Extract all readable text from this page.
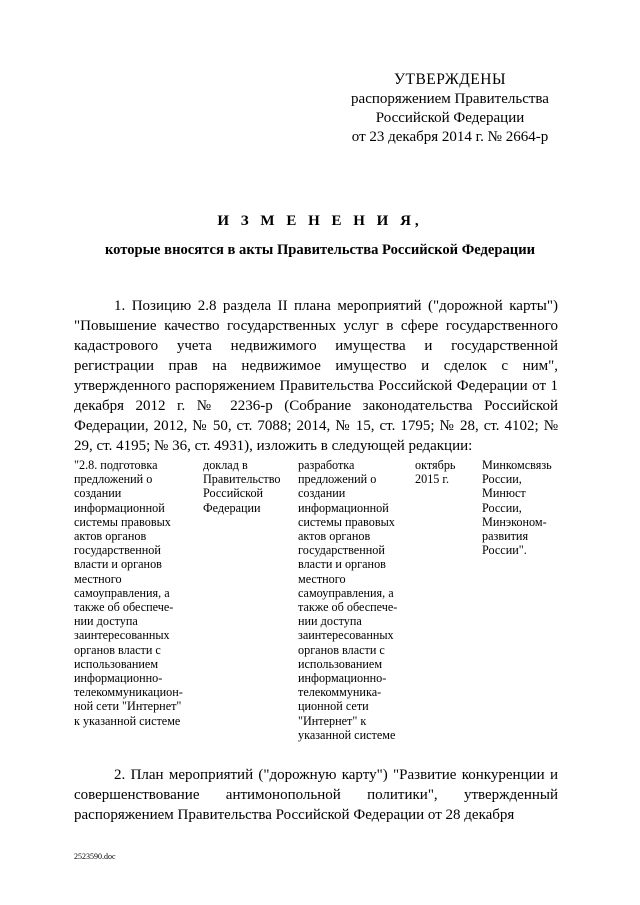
УТВЕРЖДЕНЫ
распоряжением Правительства
Российской Федерации
от 23 декабря 2014 г. № 2664-р
И З М Е Н Е Н И Я,
которые вносятся в акты Правительства Российской Федерации
1. Позицию 2.8 раздела II плана мероприятий ("дорожной карты") "Повышение качество государственных услуг в сфере государственного кадастрового учета недвижимого имущества и государственной регистрации прав на недвижимое имущество и сделок с ним", утвержденного распоряжением Правительства Российской Федерации от 1 декабря 2012 г. № 2236-р (Собрание законодательства Российской Федерации, 2012, № 50, ст. 7088; 2014, № 15, ст. 1795; № 28, ст. 4102; № 29, ст. 4195; № 36, ст. 4931), изложить в следующей редакции:
"2.8. подготовка
предложений о
создании
информационной
системы правовых
актов органов
государственной
власти и органов
местного
самоуправления, а
также об обеспече-
нии доступа
заинтересованных
органов власти с
использованием
информационно-
телекоммуникацион-
ной сети "Интернет"
к указанной системе
доклад в
Правительство
Российской
Федерации
разработка
предложений о
создании
информационной
системы правовых
актов органов
государственной
власти и органов
местного
самоуправления, а
также об обеспече-
нии доступа
заинтересованных
органов власти с
использованием
информационно-
телекоммуника-
ционной сети
"Интернет" к
указанной системе
октябрь
2015 г.
Минкомсвязь
России,
Минюст
России,
Минэконом-
развития
России".
2. План мероприятий ("дорожную карту") "Развитие конкуренции и совершенствование антимонопольной политики", утвержденный распоряжением Правительства Российской Федерации от 28 декабря
2523590.doc
